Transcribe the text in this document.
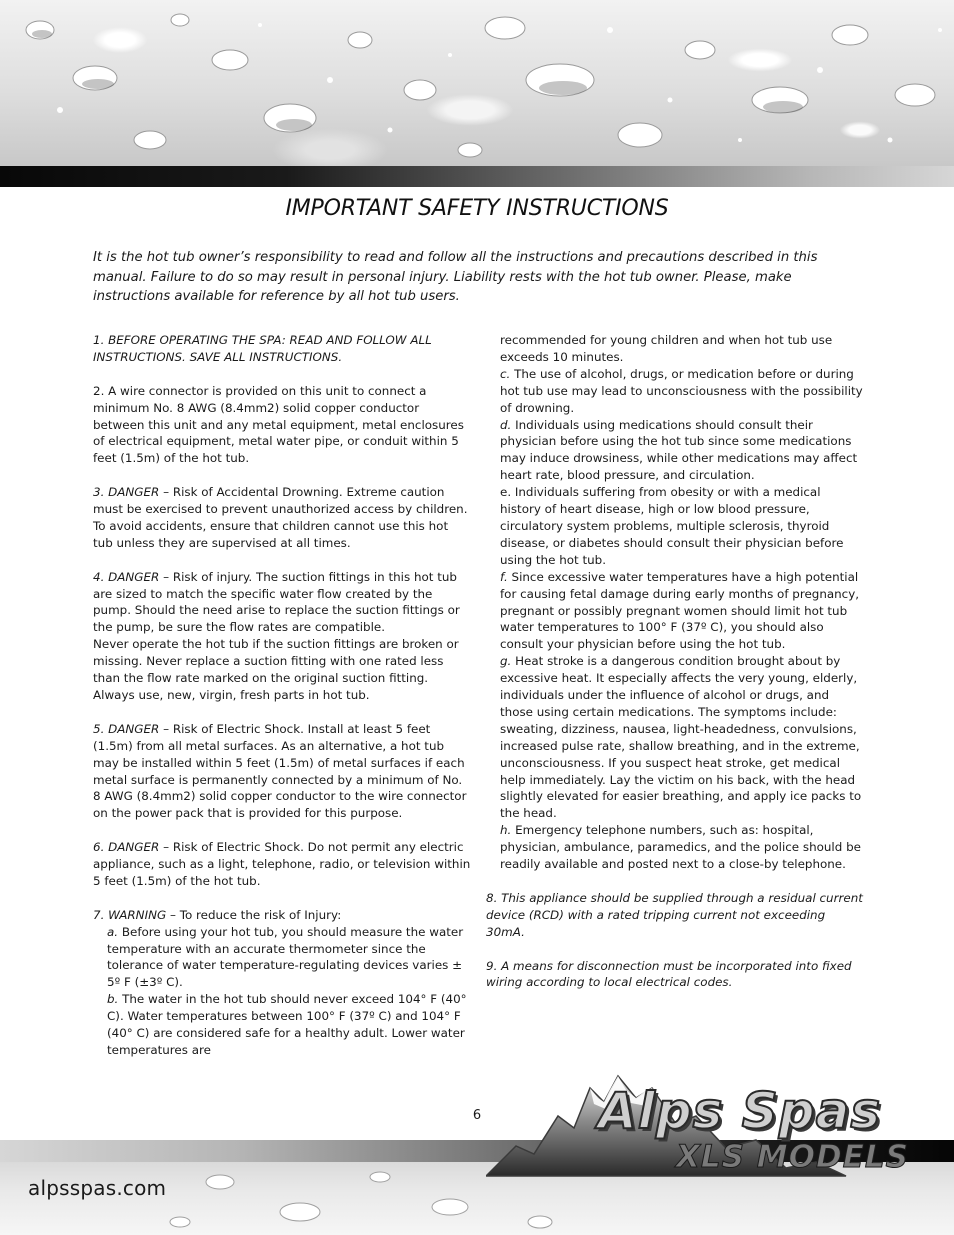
IMPORTANT SAFETY INSTRUCTIONS
It is the hot tub owner’s responsibility to read and follow all the instructions and precautions described in this manual. Failure to do so may result in personal injury. Liability rests with the hot tub owner. Please, make instructions available for reference by all hot tub users.

1. BEFORE OPERATING THE SPA: READ AND FOLLOW ALL INSTRUCTIONS. SAVE ALL INSTRUCTIONS.

2. A wire connector is provided on this unit to connect a minimum No. 8 AWG (8.4mm2) solid copper conductor between this unit and any metal equipment, metal enclosures of electrical equipment, metal water pipe, or conduit within 5 feet (1.5m) of the hot tub.

3. DANGER – Risk of Accidental Drowning. Extreme caution must be exercised to prevent unauthorized access by children. To avoid accidents, ensure that children cannot use this hot tub unless they are supervised at all times.

4. DANGER – Risk of injury. The suction fittings in this hot tub are sized to match the specific water flow created by the pump. Should the need arise to replace the suction fittings or the pump, be sure the flow rates are compatible.
Never operate the hot tub if the suction fittings are broken or missing. Never replace a suction fitting with one rated less than the flow rate marked on the original suction fitting. Always use, new, virgin, fresh parts in hot tub.

5. DANGER – Risk of Electric Shock. Install at least 5 feet (1.5m) from all metal surfaces. As an alternative, a hot tub may be installed within 5 feet (1.5m) of metal surfaces if each metal surface is permanently connected by a minimum of No. 8 AWG (8.4mm2) solid copper conductor to the wire connector on the power pack that is provided for this purpose.

6. DANGER – Risk of Electric Shock. Do not permit any electric appliance, such as a light, telephone, radio, or television within 5 feet (1.5m) of the hot tub.

7. WARNING – To reduce the risk of Injury:

a. Before using your hot tub, you should measure the water temperature with an accurate thermometer since the tolerance of water temperature-regulating devices varies ± 5º F (±3º C).

b. The water in the hot tub should never exceed 104° F (40° C). Water temperatures between 100° F (37º C) and 104° F (40° C) are considered safe for a healthy adult. Lower water temperatures are

recommended for young children and when hot tub use exceeds 10 minutes.

c. The use of alcohol, drugs, or medication before or during hot tub use may lead to unconsciousness with the possibility of drowning.

d. Individuals using medications should consult their physician before using the hot tub since some medications may induce drowsiness, while other medications may affect heart rate, blood pressure, and circulation.

e. Individuals suffering from obesity or with a medical history of heart disease, high or low blood pressure, circulatory system problems, multiple sclerosis, thyroid disease, or diabetes should consult their physician before using the hot tub.

f. Since excessive water temperatures have a high potential for causing fetal damage during early months of pregnancy, pregnant or possibly pregnant women should limit hot tub water temperatures to 100° F (37º C), you should also consult your physician before using the hot tub.

g. Heat stroke is a dangerous condition brought about by excessive heat. It especially affects the very young, elderly, individuals under the influence of alcohol or drugs, and those using certain medications. The symptoms include: sweating, dizziness, nausea, light-headedness, convulsions, increased pulse rate, shallow breathing, and in the extreme, unconsciousness. If you suspect heat stroke, get medical help immediately. Lay the victim on his back, with the head slightly elevated for easier breathing, and apply ice packs to the head.

h. Emergency telephone numbers, such as: hospital, physician, ambulance, paramedics, and the police should be readily available and posted next to a close-by telephone.

8. This appliance should be supplied through a residual current device (RCD) with a rated tripping current not exceeding 30mA.

9. A means for disconnection must be incorporated into fixed wiring according to local electrical codes.

6
alpsspas.com
Alps Spas
XLS MODELS
